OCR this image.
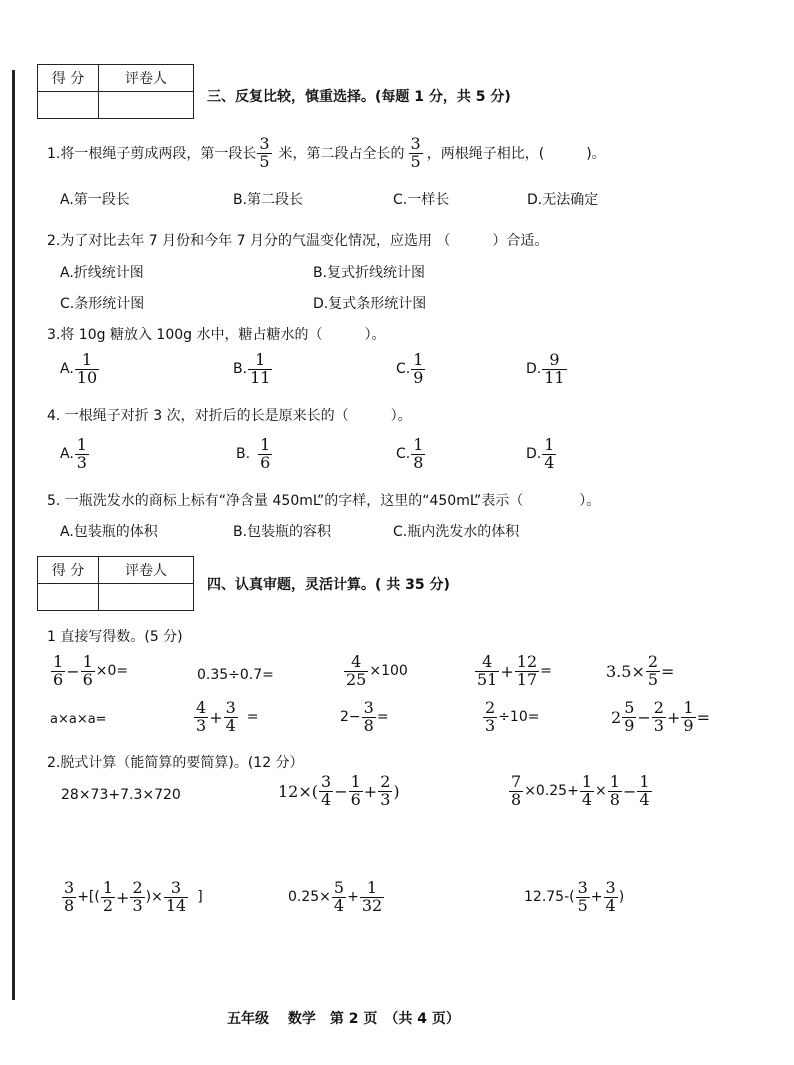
得 分	评卷人

三、反复比较，慎重选择。(每题 1 分，共 5 分)
1.将一根绳子剪成两段，第一段长 $\frac{3}{5}$ 米，第二段占全长的 $\frac{3}{5}$ ，两根绳子相比，(　　　)。
A.第一段长	B.第二段长	C.一样长	D.无法确定
2.为了对比去年 7 月份和今年 7 月分的气温变化情况，应选用 （　　　）合适。
A.折线统计图	B.复式折线统计图
C.条形统计图	D.复式条形统计图
3.将 10g 糖放入 100g 水中，糖占糖水的（　　　）。
A. $\frac{1}{10}$	B. $\frac{1}{11}$	C. $\frac{1}{9}$	D. $\frac{9}{11}$
4. 一根绳子对折 3 次，对折后的长是原来长的（　　　）。
A. $\frac{1}{3}$	B. $\frac{1}{6}$	C. $\frac{1}{8}$	D. $\frac{1}{4}$
5. 一瓶洗发水的商标上标有“净含量 450mL”的字样，这里的“450mL”表示（　　　　）。
A.包装瓶的体积	B.包装瓶的容积	C.瓶内洗发水的体积
得 分	评卷人

四、认真审题，灵活计算。( 共 35 分)
1 直接写得数。(5 分)
$\frac{1}{6} - \frac{1}{6} \times 0=$	0.35÷0.7=	$\frac{4}{25} \times 100$	$\frac{4}{51} + \frac{12}{17}$ =	$3.5\times \frac{2}{5}$ =
a×a×a=	$\frac{4}{3} + \frac{3}{4}$ =	$2- \frac{3}{8}$ =	$\frac{2}{3} \div 10=$	$2 \frac{5}{9} - \frac{2}{3} + \frac{1}{9}$ =
2.脱式计算（能简算的要简算)。(12 分）
28×73+7.3×720	$12\times( \frac{3}{4} - \frac{1}{6} + \frac{2}{3}$ )	$\frac{7}{8} \times 0.25+ \frac{1}{4} \times \frac{1}{8} - \frac{1}{4}$
$\frac{3}{8}$ +[( $\frac{1}{2} + \frac{2}{3}$ )× $\frac{3}{14}$ ]	$0.25\times \frac{5}{4} + \frac{1}{32}$	$12.75-( \frac{3}{5} + \frac{3}{4}$ )
五年级　 数学　第 2 页　（共 4 页）
